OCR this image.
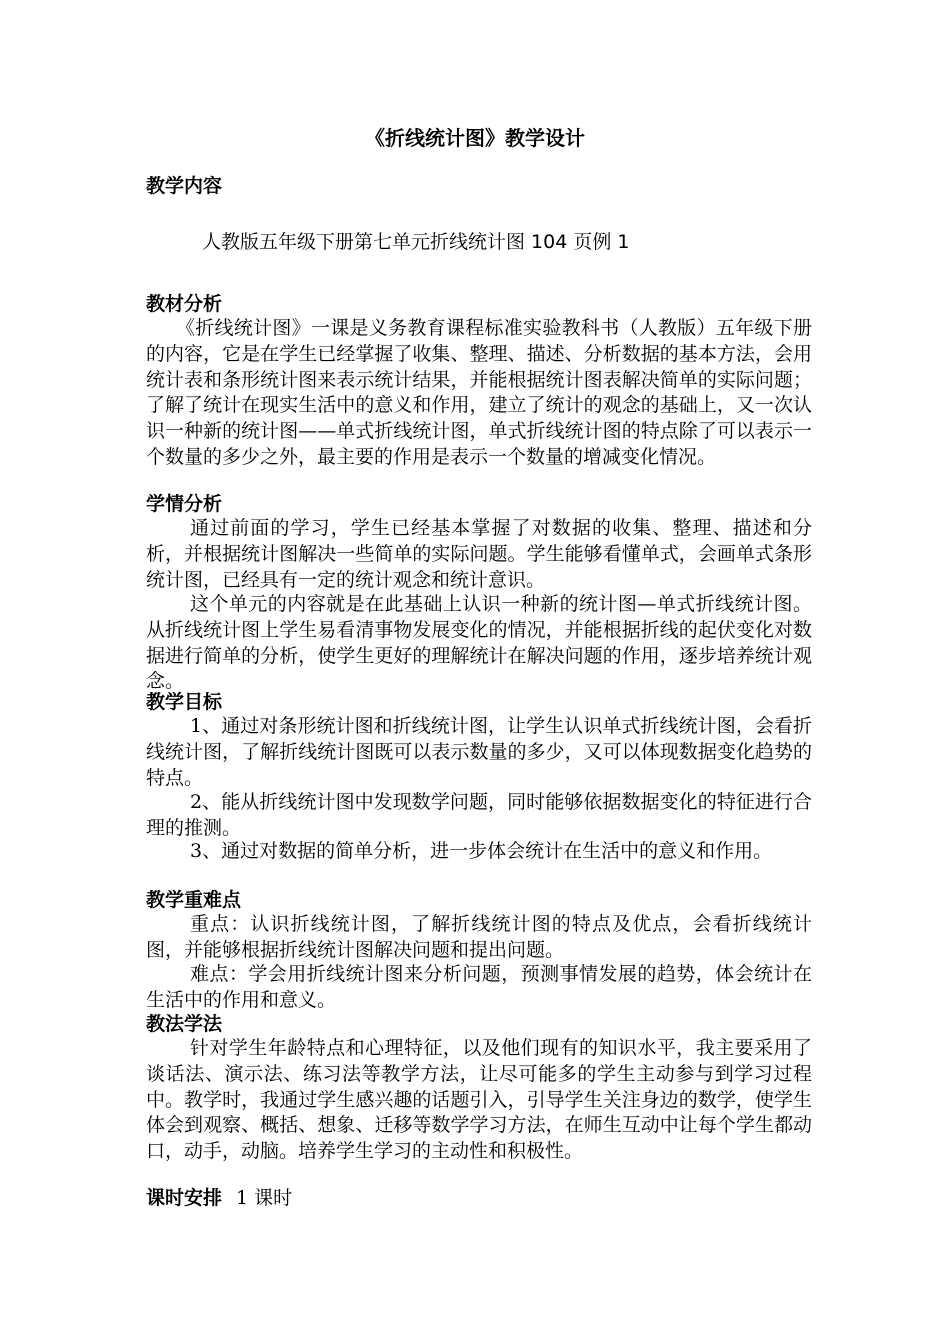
《折线统计图》教学设计
教学内容
人教版五年级下册第七单元折线统计图 104 页例 1
教材分析

《折线统计图》一课是义务教育课程标准实验教科书（人教版）五年级下册的内容，它是在学生已经掌握了收集、整理、描述、分析数据的基本方法，会用统计表和条形统计图来表示统计结果，并能根据统计图表解决简单的实际问题；了解了统计在现实生活中的意义和作用，建立了统计的观念的基础上，又一次认识一种新的统计图——单式折线统计图，单式折线统计图的特点除了可以表示一个数量的多少之外，最主要的作用是表示一个数量的增减变化情况。

学情分析

通过前面的学习，学生已经基本掌握了对数据的收集、整理、描述和分析，并根据统计图解决一些简单的实际问题。学生能够看懂单式，会画单式条形统计图，已经具有一定的统计观念和统计意识。

这个单元的内容就是在此基础上认识一种新的统计图—单式折线统计图。从折线统计图上学生易看清事物发展变化的情况，并能根据折线的起伏变化对数据进行简单的分析，使学生更好的理解统计在解决问题的作用，逐步培养统计观念。

教学目标

1、通过对条形统计图和折线统计图，让学生认识单式折线统计图，会看折线统计图，了解折线统计图既可以表示数量的多少，又可以体现数据变化趋势的特点。

2、能从折线统计图中发现数学问题，同时能够依据数据变化的特征进行合理的推测。

3、通过对数据的简单分析，进一步体会统计在生活中的意义和作用。

教学重难点

重点：认识折线统计图，了解折线统计图的特点及优点，会看折线统计图，并能够根据折线统计图解决问题和提出问题。

难点：学会用折线统计图来分析问题，预测事情发展的趋势，体会统计在生活中的作用和意义。

教法学法

针对学生年龄特点和心理特征，以及他们现有的知识水平，我主要采用了谈话法、演示法、练习法等教学方法，让尽可能多的学生主动参与到学习过程中。教学时，我通过学生感兴趣的话题引入，引导学生关注身边的数学，使学生体会到观察、概括、想象、迁移等数学学习方法，在师生互动中让每个学生都动口，动手，动脑。培养学生学习的主动性和积极性。

课时安排 1 课时
